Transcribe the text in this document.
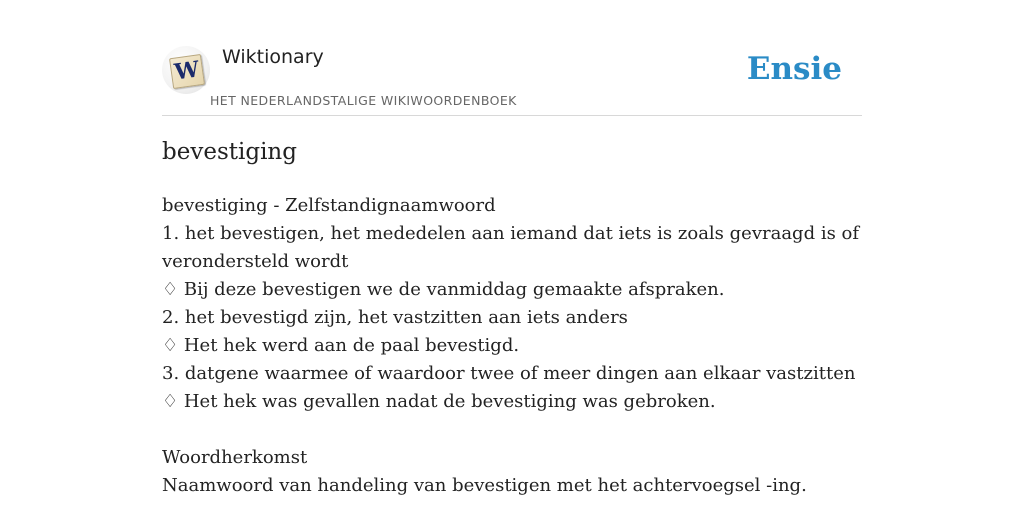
W Wiktionary
HET NEDERLANDSTALIGE WIKIWOORDENBOEK
Ensie
bevestiging
bevestiging - Zelfstandignaamwoord
1. het bevestigen, het mededelen aan iemand dat iets is zoals gevraagd is of verondersteld wordt
♢ Bij deze bevestigen we de vanmiddag gemaakte afspraken.
2. het bevestigd zijn, het vastzitten aan iets anders
♢ Het hek werd aan de paal bevestigd.
3. datgene waarmee of waardoor twee of meer dingen aan elkaar vastzitten
♢ Het hek was gevallen nadat de bevestiging was gebroken.
Woordherkomst
Naamwoord van handeling van bevestigen met het achtervoegsel -ing.
